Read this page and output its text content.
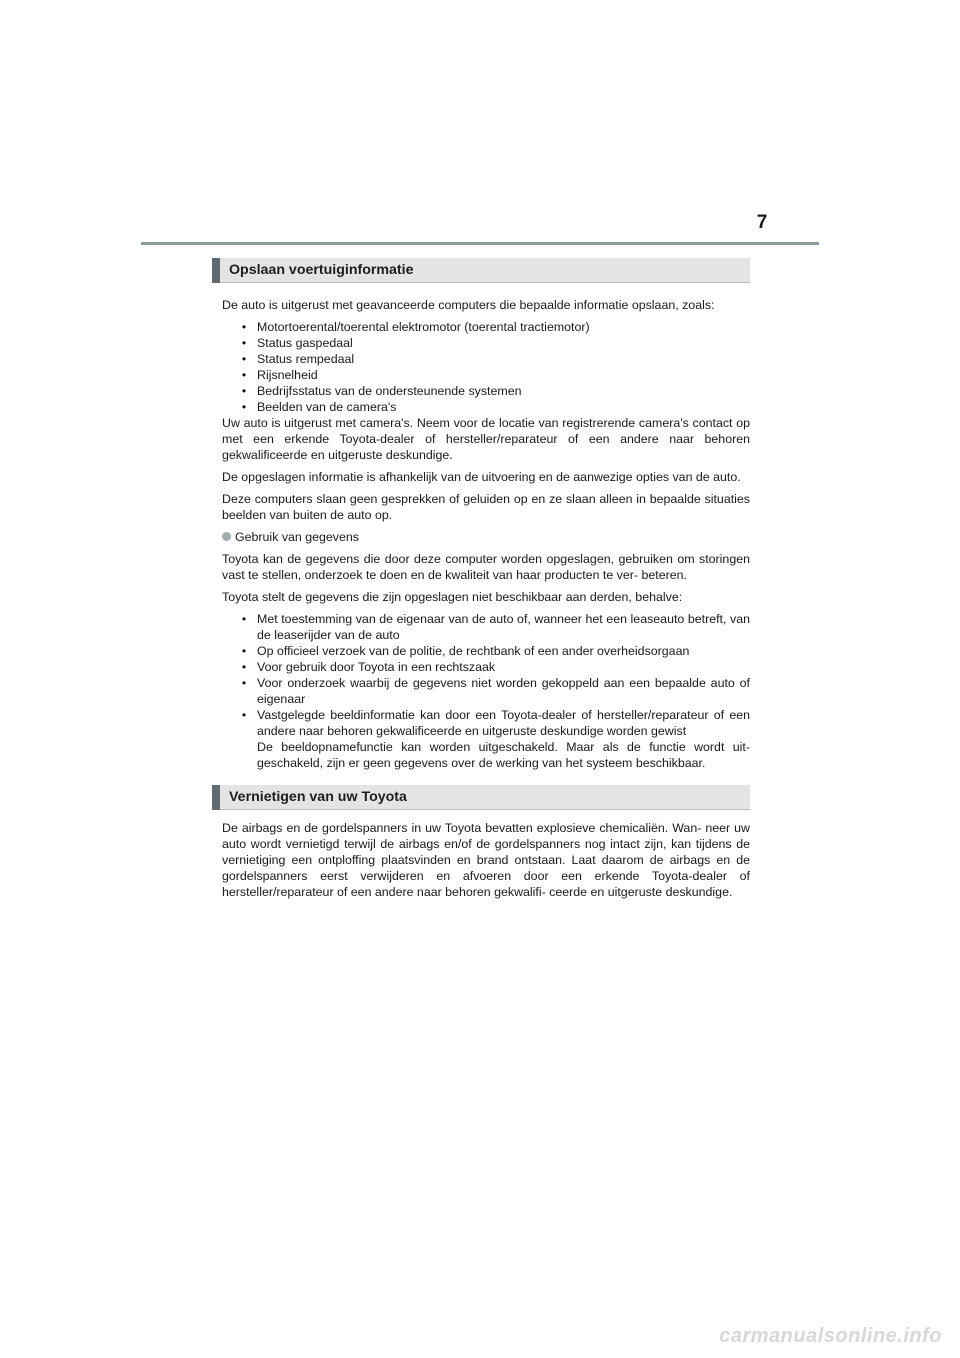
7
Opslaan voertuiginformatie

De auto is uitgerust met geavanceerde computers die bepaalde informatie opslaan, zoals:

• Motortoerental/toerental elektromotor (toerental tractiemotor)
• Status gaspedaal
• Status rempedaal
• Rijsnelheid
• Bedrijfsstatus van de ondersteunende systemen
• Beelden van de camera's

Uw auto is uitgerust met camera's. Neem voor de locatie van registrerende camera's contact op met een erkende Toyota-dealer of hersteller/reparateur of een andere naar behoren gekwalificeerde en uitgeruste deskundige.

De opgeslagen informatie is afhankelijk van de uitvoering en de aanwezige opties van de auto.

Deze computers slaan geen gesprekken of geluiden op en ze slaan alleen in bepaalde situaties beelden van buiten de auto op.

Gebruik van gegevens

Toyota kan de gegevens die door deze computer worden opgeslagen, gebruiken om storingen vast te stellen, onderzoek te doen en de kwaliteit van haar producten te ver- beteren.

Toyota stelt de gegevens die zijn opgeslagen niet beschikbaar aan derden, behalve:

• Met toestemming van de eigenaar van de auto of, wanneer het een leaseauto betreft, van de leaserijder van de auto
• Op officieel verzoek van de politie, de rechtbank of een ander overheidsorgaan
• Voor gebruik door Toyota in een rechtszaak
• Voor onderzoek waarbij de gegevens niet worden gekoppeld aan een bepaalde auto of eigenaar
• Vastgelegde beeldinformatie kan door een Toyota-dealer of hersteller/reparateur of een andere naar behoren gekwalificeerde en uitgeruste deskundige worden gewist
De beeldopnamefunctie kan worden uitgeschakeld. Maar als de functie wordt uit- geschakeld, zijn er geen gegevens over de werking van het systeem beschikbaar.
Vernietigen van uw Toyota

De airbags en de gordelspanners in uw Toyota bevatten explosieve chemicaliën. Wan- neer uw auto wordt vernietigd terwijl de airbags en/of de gordelspanners nog intact zijn, kan tijdens de vernietiging een ontploffing plaatsvinden en brand ontstaan. Laat daarom de airbags en de gordelspanners eerst verwijderen en afvoeren door een erkende Toyota-dealer of hersteller/reparateur of een andere naar behoren gekwalifi- ceerde en uitgeruste deskundige.

carmanualsonline.info
